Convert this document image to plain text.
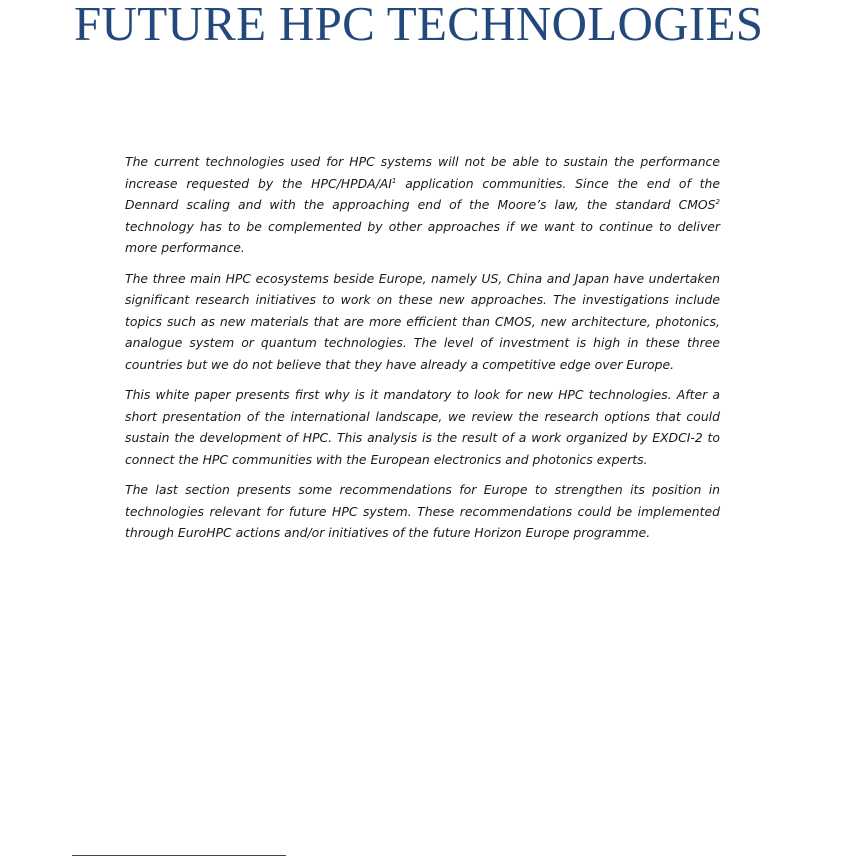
FUTURE HPC TECHNOLOGIES

The current technologies used for HPC systems will not be able to sustain the performance increase requested by the HPC/$HPDA/AI^1$ application communities. Since the end of the Dennard scaling and with the approaching end of the Moore’s law, the standard CMOS$^2$ technology has to be complemented by other approaches if we want to continue to deliver more performance.

The three main HPC ecosystems beside Europe, namely US, China and Japan have undertaken significant research initiatives to work on these new approaches. The investigations include topics such as new materials that are more efficient than CMOS, new architecture, photonics, analogue system or quantum technologies. The level of investment is high in these three countries but we do not believe that they have already a competitive edge over Europe.

This white paper presents first why is it mandatory to look for new HPC technologies. After a short presentation of the international landscape, we review the research options that could sustain the development of HPC. This analysis is the result of a work organized by EXDCI-2 to connect the HPC communities with the European electronics and photonics experts.

The last section presents some recommendations for Europe to strengthen its position in technologies relevant for future HPC system. These recommendations could be implemented through EuroHPC actions and/or initiatives of the future Horizon Europe programme.
